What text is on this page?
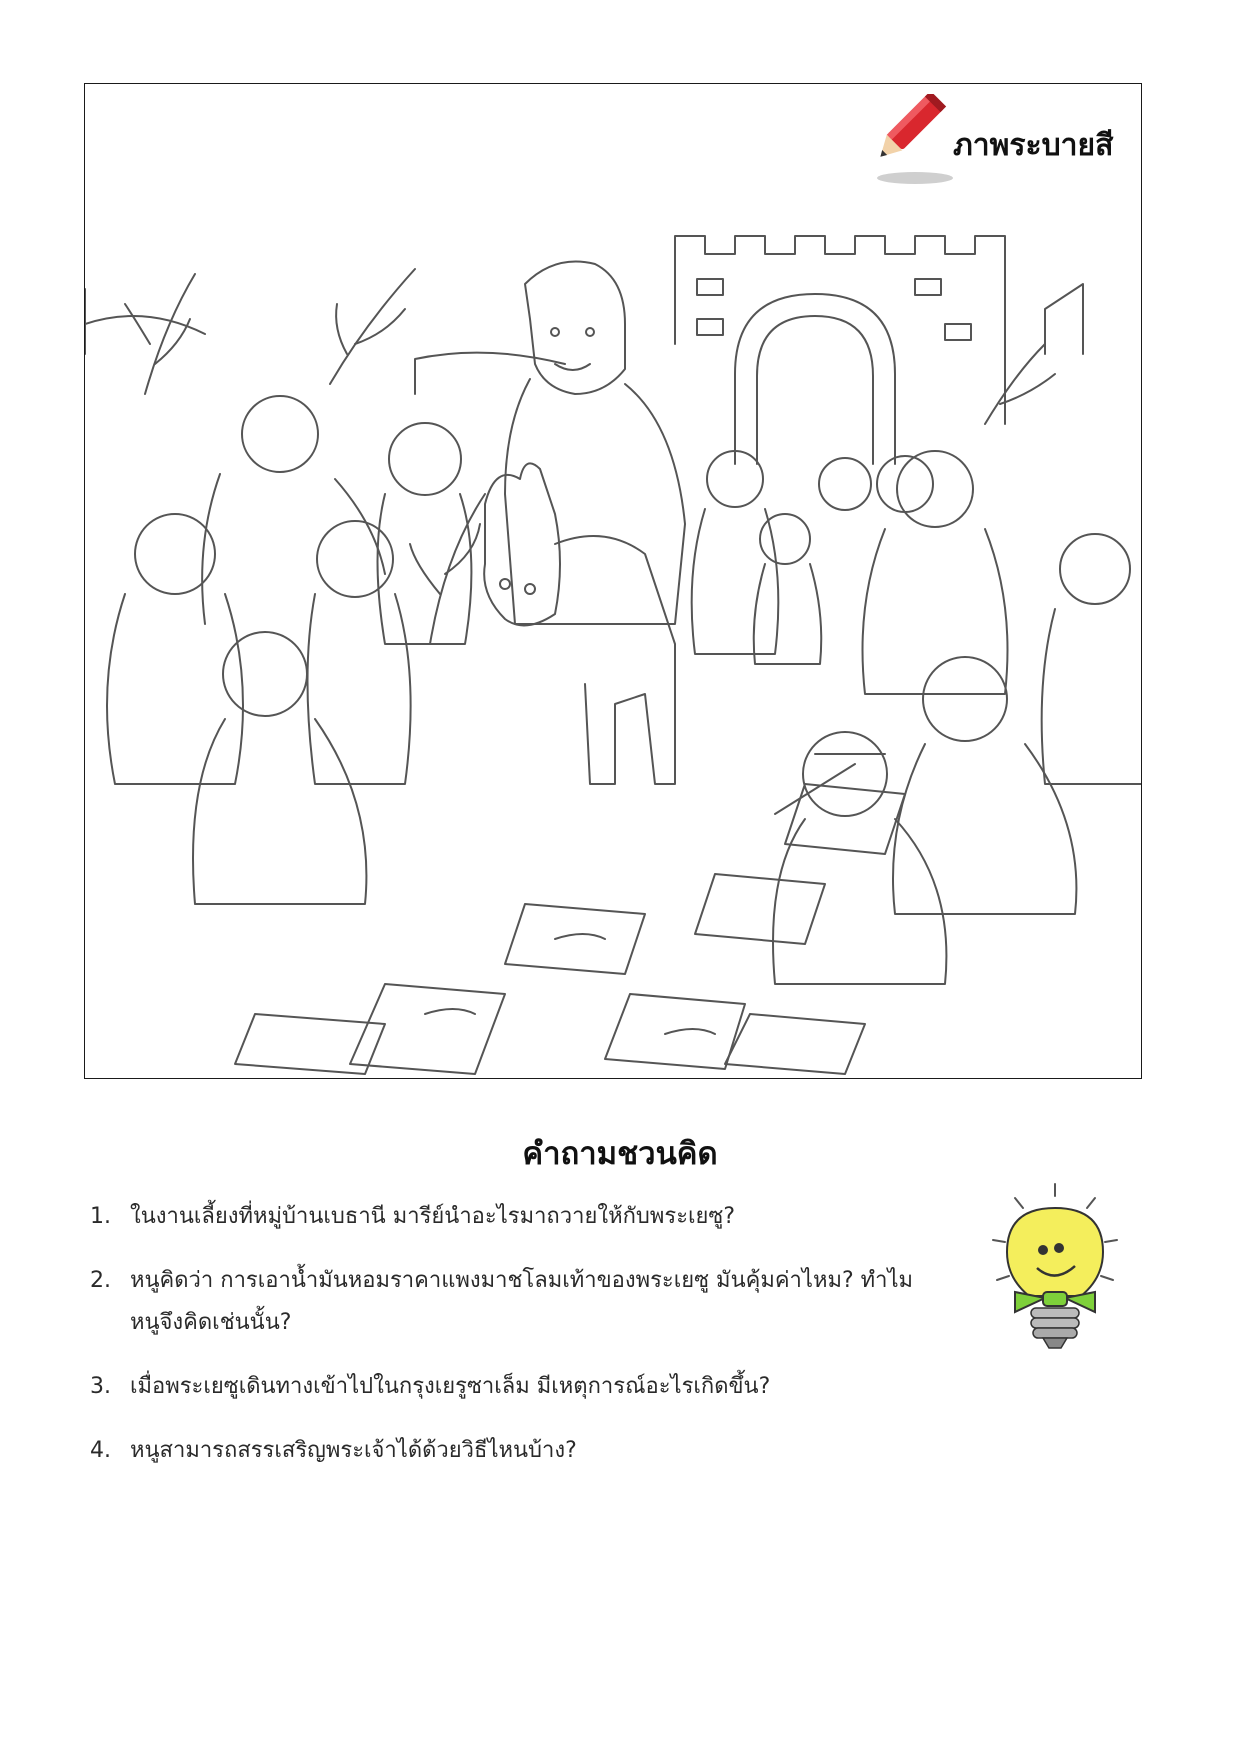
ภาพระบายสี
คำถามชวนคิด
1. ในงานเลี้ยงที่หมู่บ้านเบธานี มารีย์นำอะไรมาถวายให้กับพระเยซู?
2. หนูคิดว่า การเอาน้ำมันหอมราคาแพงมาชโลมเท้าของพระเยซู มันคุ้มค่าไหม? ทำไมหนูจึงคิดเช่นนั้น?
3. เมื่อพระเยซูเดินทางเข้าไปในกรุงเยรูซาเล็ม มีเหตุการณ์อะไรเกิดขึ้น?
4. หนูสามารถสรรเสริญพระเจ้าได้ด้วยวิธีไหนบ้าง?
